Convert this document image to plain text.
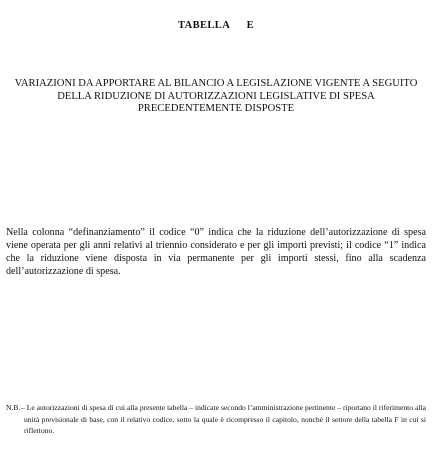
TABELLA E
VARIAZIONI DA APPORTARE AL BILANCIO A LEGISLAZIONE VIGENTE A SEGUITO
DELLA RIDUZIONE DI AUTORIZZAZIONI LEGISLATIVE DI SPESA
PRECEDENTEMENTE DISPOSTE

Nella colonna “definanziamento” il codice “0” indica che la riduzione dell’autorizzazione di spesa viene operata per gli anni relativi al triennio considerato e per gli importi previsti; il codice “1” indica che la riduzione viene disposta in via permanente per gli importi stessi, fino alla scadenza dell’autorizzazione di spesa.

N.B. – Le autorizzazioni di spesa di cui alla presente tabella – indicate secondo l’amministrazione pertinente – riportano il riferimento alla unità previsionale di base, con il relativo codice, sotto la quale è ricompresso il capitolo, nonché il settore della tabella F in cui si riflettono.
